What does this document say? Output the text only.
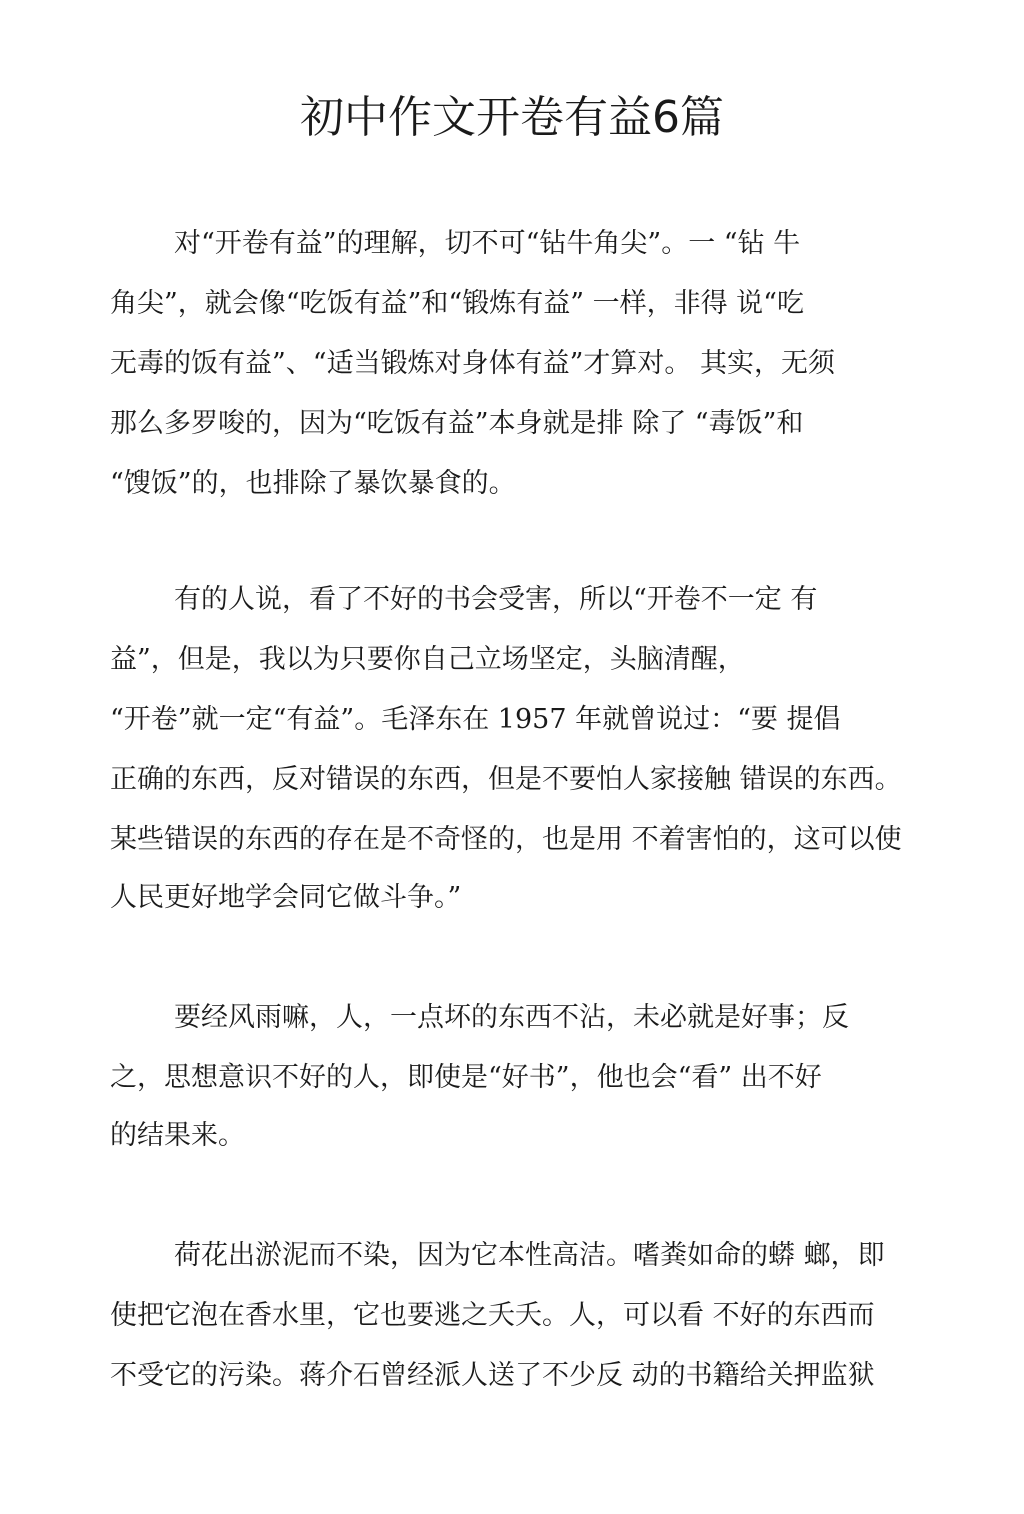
初中作文开卷有益6篇
对“开卷有益”的理解，切不可“钻牛角尖”。一 “钻 牛
角尖”，就会像“吃饭有益”和“锻炼有益” 一样，非得 说“吃
无毒的饭有益”、“适当锻炼对身体有益”才算对。 其实，无须
那么多罗唆的，因为“吃饭有益”本身就是排 除了 “毒饭”和
“馊饭”的，也排除了暴饮暴食的。
有的人说，看了不好的书会受害，所以“开卷不一定 有
益”，但是，我以为只要你自己立场坚定，头脑清醒，
“开卷”就一定“有益”。毛泽东在 1957 年就曾说过：“要 提倡
正确的东西，反对错误的东西，但是不要怕人家接触 错误的东西。
某些错误的东西的存在是不奇怪的，也是用 不着害怕的，这可以使
人民更好地学会同它做斗争。”
要经风雨嘛，人，一点坏的东西不沾，未必就是好事；反
之，思想意识不好的人，即使是“好书”，他也会“看” 出不好
的结果来。
荷花出淤泥而不染，因为它本性高洁。嗜粪如命的蟒 螂，即
使把它泡在香水里，它也要逃之夭夭。人，可以看 不好的东西而
不受它的污染。蒋介石曾经派人送了不少反 动的书籍给关押监狱
